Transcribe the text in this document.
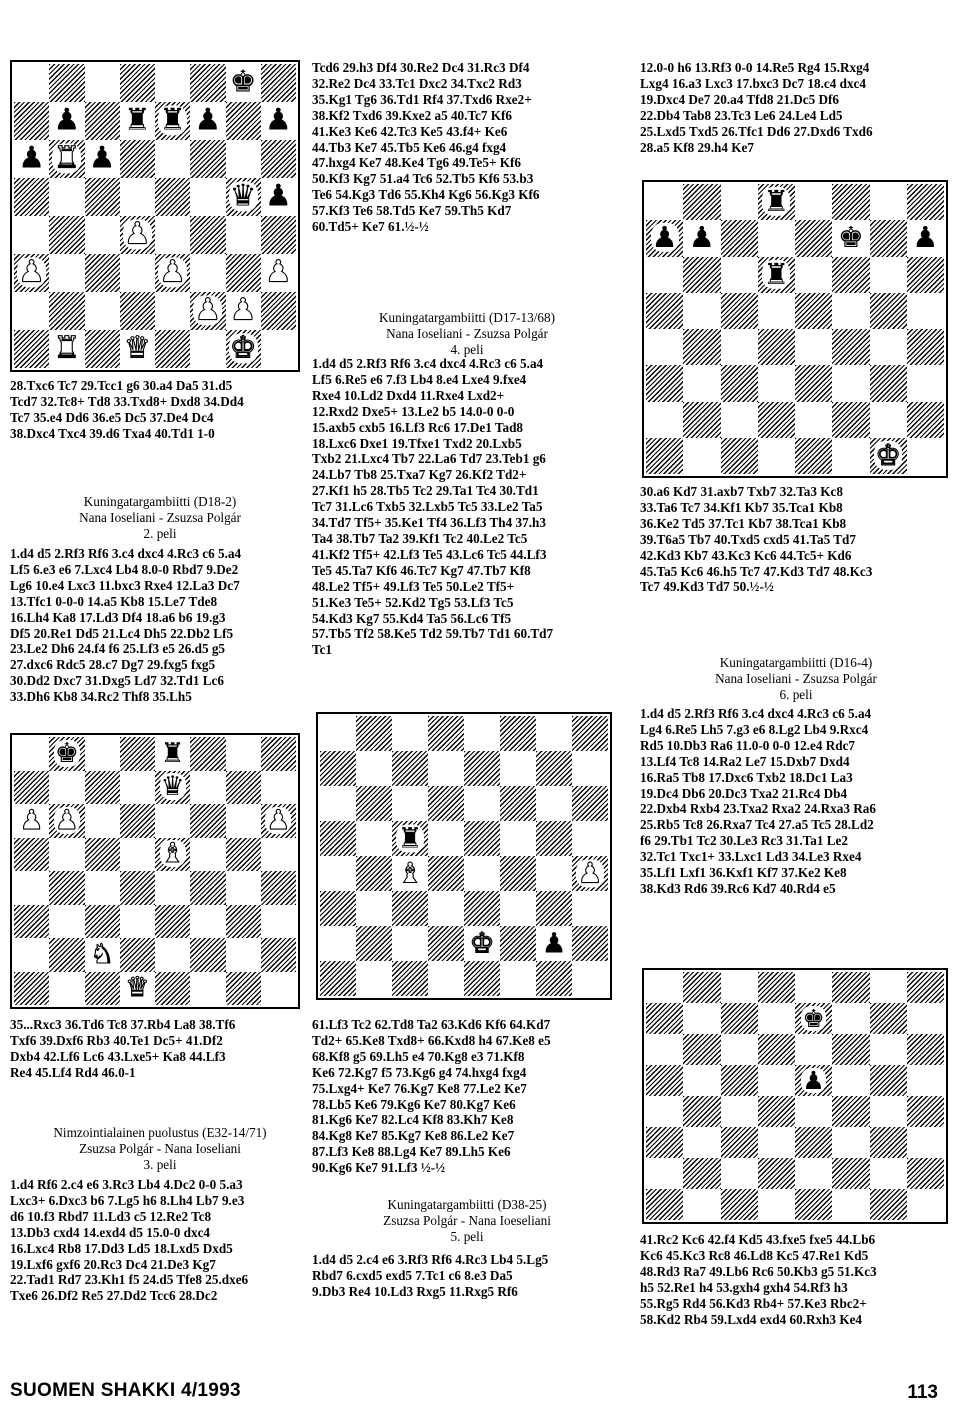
♚
♟ ♜ ♜ ♟ ♟
♟ ♜ ♟
♛ ♟
♟
♟	♟	♟
♟ ♟
♜ ♛	♚
28.Txc6 Tc7 29.Tcc1 g6 30.a4 Da5 31.d5
Tcd7 32.Tc8+ Td8 33.Txd8+ Dxd8 34.Dd4
Tc7 35.e4 Dd6 36.e5 Dc5 37.De4 Dc4
38.Dxc4 Txc4 39.d6 Txa4 40.Td1 1-0
Kuningatargambiitti (D18-2)
Nana Ioseliani - Zsuzsa Polgár
2. peli
1.d4 d5 2.Rf3 Rf6 3.c4 dxc4 4.Rc3 c6 5.a4
Lf5 6.e3 e6 7.Lxc4 Lb4 8.0-0 Rbd7 9.De2
Lg6 10.e4 Lxc3 11.bxc3 Rxe4 12.La3 Dc7
13.Tfc1 0-0-0 14.a5 Kb8 15.Le7 Tde8
16.Lh4 Ka8 17.Ld3 Df4 18.a6 b6 19.g3
Df5 20.Re1 Dd5 21.Lc4 Dh5 22.Db2 Lf5
23.Le2 Dh6 24.f4 f6 25.Lf3 e5 26.d5 g5
27.dxc6 Rdc5 28.c7 Dg7 29.fxg5 fxg5
30.Dd2 Dxc7 31.Dxg5 Ld7 32.Td1 Lc6
33.Dh6 Kb8 34.Rc2 Thf8 35.Lh5
♚	♜
♛
♟ ♟	♟
♝
♞
♛
35...Rxc3 36.Td6 Tc8 37.Rb4 La8 38.Tf6
Txf6 39.Dxf6 Rb3 40.Te1 Dc5+ 41.Df2
Dxb4 42.Lf6 Lc6 43.Lxe5+ Ka8 44.Lf3
Re4 45.Lf4 Rd4 46.0-1
Nimzointialainen puolustus (E32-14/71)
Zsuzsa Polgár - Nana Ioseliani
3. peli
1.d4 Rf6 2.c4 e6 3.Rc3 Lb4 4.Dc2 0-0 5.a3
Lxc3+ 6.Dxc3 b6 7.Lg5 h6 8.Lh4 Lb7 9.e3
d6 10.f3 Rbd7 11.Ld3 c5 12.Re2 Tc8
13.Db3 cxd4 14.exd4 d5 15.0-0 dxc4
16.Lxc4 Rb8 17.Dd3 Ld5 18.Lxd5 Dxd5
19.Lxf6 gxf6 20.Rc3 Dc4 21.De3 Kg7
22.Tad1 Rd7 23.Kh1 f5 24.d5 Tfe8 25.dxe6
Txe6 26.Df2 Re5 27.Dd2 Tcc6 28.Dc2
Tcd6 29.h3 Df4 30.Re2 Dc4 31.Rc3 Df4
32.Re2 Dc4 33.Tc1 Dxc2 34.Txc2 Rd3
35.Kg1 Tg6 36.Td1 Rf4 37.Txd6 Rxe2+
38.Kf2 Txd6 39.Kxe2 a5 40.Tc7 Kf6
41.Ke3 Ke6 42.Tc3 Ke5 43.f4+ Ke6
44.Tb3 Ke7 45.Tb5 Ke6 46.g4 fxg4
47.hxg4 Ke7 48.Ke4 Tg6 49.Te5+ Kf6
50.Kf3 Kg7 51.a4 Tc6 52.Tb5 Kf6 53.b3
Te6 54.Kg3 Td6 55.Kh4 Kg6 56.Kg3 Kf6
57.Kf3 Te6 58.Td5 Ke7 59.Th5 Kd7
60.Td5+ Ke7 61.½-½
Kuningatargambiitti (D17-13/68)
Nana Ioseliani - Zsuzsa Polgár
4. peli
1.d4 d5 2.Rf3 Rf6 3.c4 dxc4 4.Rc3 c6 5.a4
Lf5 6.Re5 e6 7.f3 Lb4 8.e4 Lxe4 9.fxe4
Rxe4 10.Ld2 Dxd4 11.Rxe4 Lxd2+
12.Rxd2 Dxe5+ 13.Le2 b5 14.0-0 0-0
15.axb5 cxb5 16.Lf3 Rc6 17.De1 Tad8
18.Lxc6 Dxe1 19.Tfxe1 Txd2 20.Lxb5
Txb2 21.Lxc4 Tb7 22.La6 Td7 23.Teb1 g6
24.Lb7 Tb8 25.Txa7 Kg7 26.Kf2 Td2+
27.Kf1 h5 28.Tb5 Tc2 29.Ta1 Tc4 30.Td1
Tc7 31.Lc6 Txb5 32.Lxb5 Tc5 33.Le2 Ta5
34.Td7 Tf5+ 35.Ke1 Tf4 36.Lf3 Th4 37.h3
Ta4 38.Tb7 Ta2 39.Kf1 Tc2 40.Le2 Tc5
41.Kf2 Tf5+ 42.Lf3 Te5 43.Lc6 Tc5 44.Lf3
Te5 45.Ta7 Kf6 46.Tc7 Kg7 47.Tb7 Kf8
48.Le2 Tf5+ 49.Lf3 Te5 50.Le2 Tf5+
51.Ke3 Te5+ 52.Kd2 Tg5 53.Lf3 Tc5
54.Kd3 Kg7 55.Kd4 Ta5 56.Lc6 Tf5
57.Tb5 Tf2 58.Ke5 Td2 59.Tb7 Td1 60.Td7
Tc1
♜
♝	♟
♚ ♟
61.Lf3 Tc2 62.Td8 Ta2 63.Kd6 Kf6 64.Kd7
Td2+ 65.Ke8 Txd8+ 66.Kxd8 h4 67.Ke8 e5
68.Kf8 g5 69.Lh5 e4 70.Kg8 e3 71.Kf8
Ke6 72.Kg7 f5 73.Kg6 g4 74.hxg4 fxg4
75.Lxg4+ Ke7 76.Kg7 Ke8 77.Le2 Ke7
78.Lb5 Ke6 79.Kg6 Ke7 80.Kg7 Ke6
81.Kg6 Ke7 82.Lc4 Kf8 83.Kh7 Ke8
84.Kg8 Ke7 85.Kg7 Ke8 86.Le2 Ke7
87.Lf3 Ke8 88.Lg4 Ke7 89.Lh5 Ke6
90.Kg6 Ke7 91.Lf3 ½-½
Kuningatargambiitti (D38-25)
Zsuzsa Polgár - Nana Ioeseliani
5. peli
1.d4 d5 2.c4 e6 3.Rf3 Rf6 4.Rc3 Lb4 5.Lg5
Rbd7 6.cxd5 exd5 7.Tc1 c6 8.e3 Da5
9.Db3 Re4 10.Ld3 Rxg5 11.Rxg5 Rf6
12.0-0 h6 13.Rf3 0-0 14.Re5 Rg4 15.Rxg4
Lxg4 16.a3 Lxc3 17.bxc3 Dc7 18.c4 dxc4
19.Dxc4 De7 20.a4 Tfd8 21.Dc5 Df6
22.Db4 Tab8 23.Tc3 Le6 24.Le4 Ld5
25.Lxd5 Txd5 26.Tfc1 Dd6 27.Dxd6 Txd6
28.a5 Kf8 29.h4 Ke7
♜
♟ ♟	♚ ♟
♜
♚
30.a6 Kd7 31.axb7 Txb7 32.Ta3 Kc8
33.Ta6 Tc7 34.Kf1 Kb7 35.Tca1 Kb8
36.Ke2 Td5 37.Tc1 Kb7 38.Tca1 Kb8
39.T6a5 Tb7 40.Txd5 cxd5 41.Ta5 Td7
42.Kd3 Kb7 43.Kc3 Kc6 44.Tc5+ Kd6
45.Ta5 Kc6 46.h5 Tc7 47.Kd3 Td7 48.Kc3
Tc7 49.Kd3 Td7 50.½-½
Kuningatargambiitti (D16-4)
Nana Ioseliani - Zsuzsa Polgár
6. peli
1.d4 d5 2.Rf3 Rf6 3.c4 dxc4 4.Rc3 c6 5.a4
Lg4 6.Re5 Lh5 7.g3 e6 8.Lg2 Lb4 9.Rxc4
Rd5 10.Db3 Ra6 11.0-0 0-0 12.e4 Rdc7
13.Lf4 Tc8 14.Ra2 Le7 15.Dxb7 Dxd4
16.Ra5 Tb8 17.Dxc6 Txb2 18.Dc1 La3
19.Dc4 Db6 20.Dc3 Txa2 21.Rc4 Db4
22.Dxb4 Rxb4 23.Txa2 Rxa2 24.Rxa3 Ra6
25.Rb5 Tc8 26.Rxa7 Tc4 27.a5 Tc5 28.Ld2
f6 29.Tb1 Tc2 30.Le3 Rc3 31.Ta1 Le2
32.Tc1 Txc1+ 33.Lxc1 Ld3 34.Le3 Rxe4
35.Lf1 Lxf1 36.Kxf1 Kf7 37.Ke2 Ke8
38.Kd3 Rd6 39.Rc6 Kd7 40.Rd4 e5
♚
♟
41.Rc2 Kc6 42.f4 Kd5 43.fxe5 fxe5 44.Lb6
Kc6 45.Kc3 Rc8 46.Ld8 Kc5 47.Re1 Kd5
48.Rd3 Ra7 49.Lb6 Rc6 50.Kb3 g5 51.Kc3
h5 52.Re1 h4 53.gxh4 gxh4 54.Rf3 h3
55.Rg5 Rd4 56.Kd3 Rb4+ 57.Ke3 Rbc2+
58.Kd2 Rb4 59.Lxd4 exd4 60.Rxh3 Ke4
SUOMEN SHAKKI 4/1993	113
